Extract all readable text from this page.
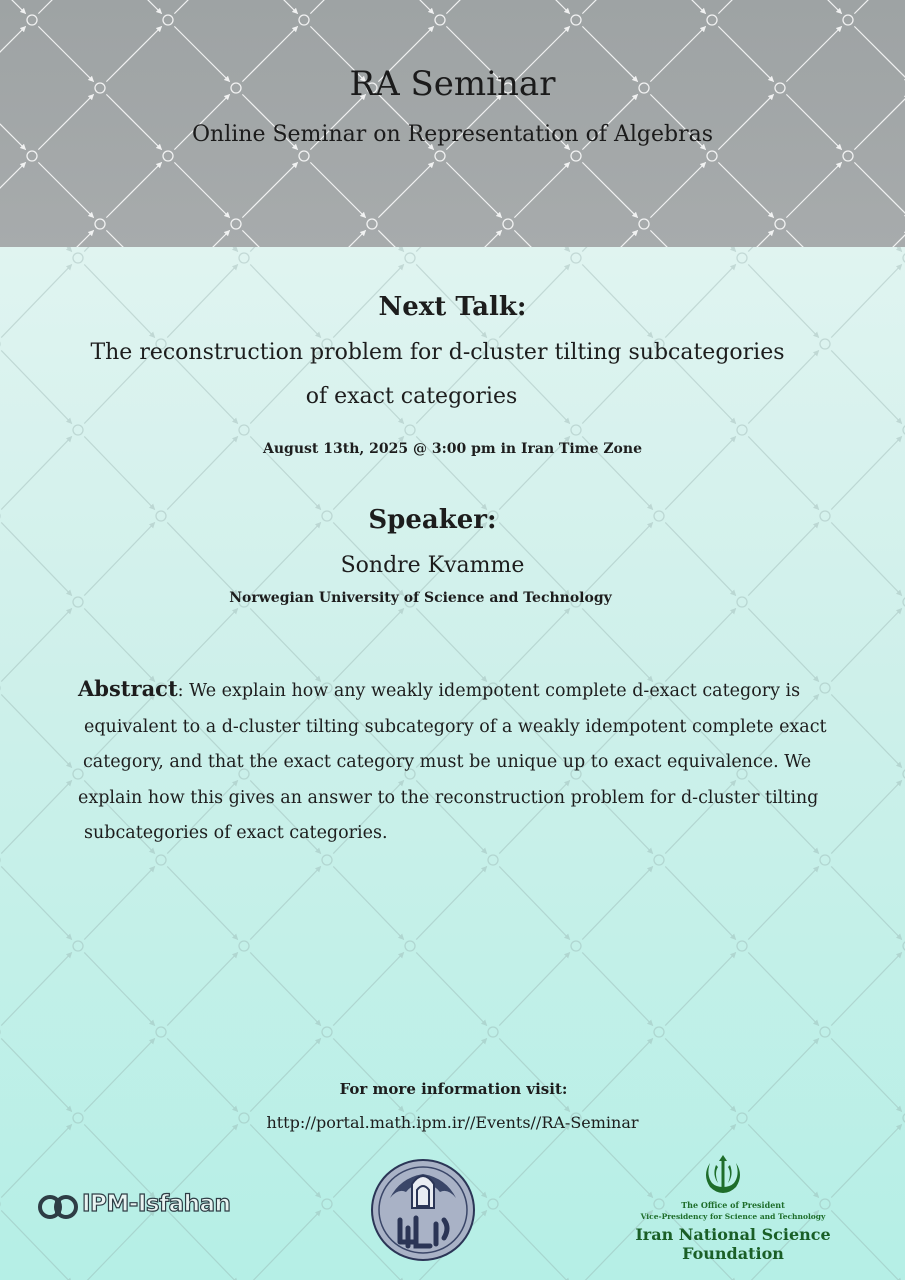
RA Seminar
Online Seminar on Representation of Algebras
Next Talk:
The reconstruction problem for d-cluster tilting subcategories
of exact categories
August 13th, 2025 @ 3:00 pm in Iran Time Zone
Speaker:
Sondre Kvamme
Norwegian University of Science and Technology
Abstract: We explain how any weakly idempotent complete d-exact category is
equivalent to a d-cluster tilting subcategory of a weakly idempotent complete exact
category, and that the exact category must be unique up to exact equivalence. We
explain how this gives an answer to the reconstruction problem for d-cluster tilting
subcategories of exact categories.
For more information visit:
http://portal.math.ipm.ir//Events//RA-Seminar
IPM-Isfahan	The Office of President
Vice-Presidency for Science and Technology
Iran National Science Foundation
